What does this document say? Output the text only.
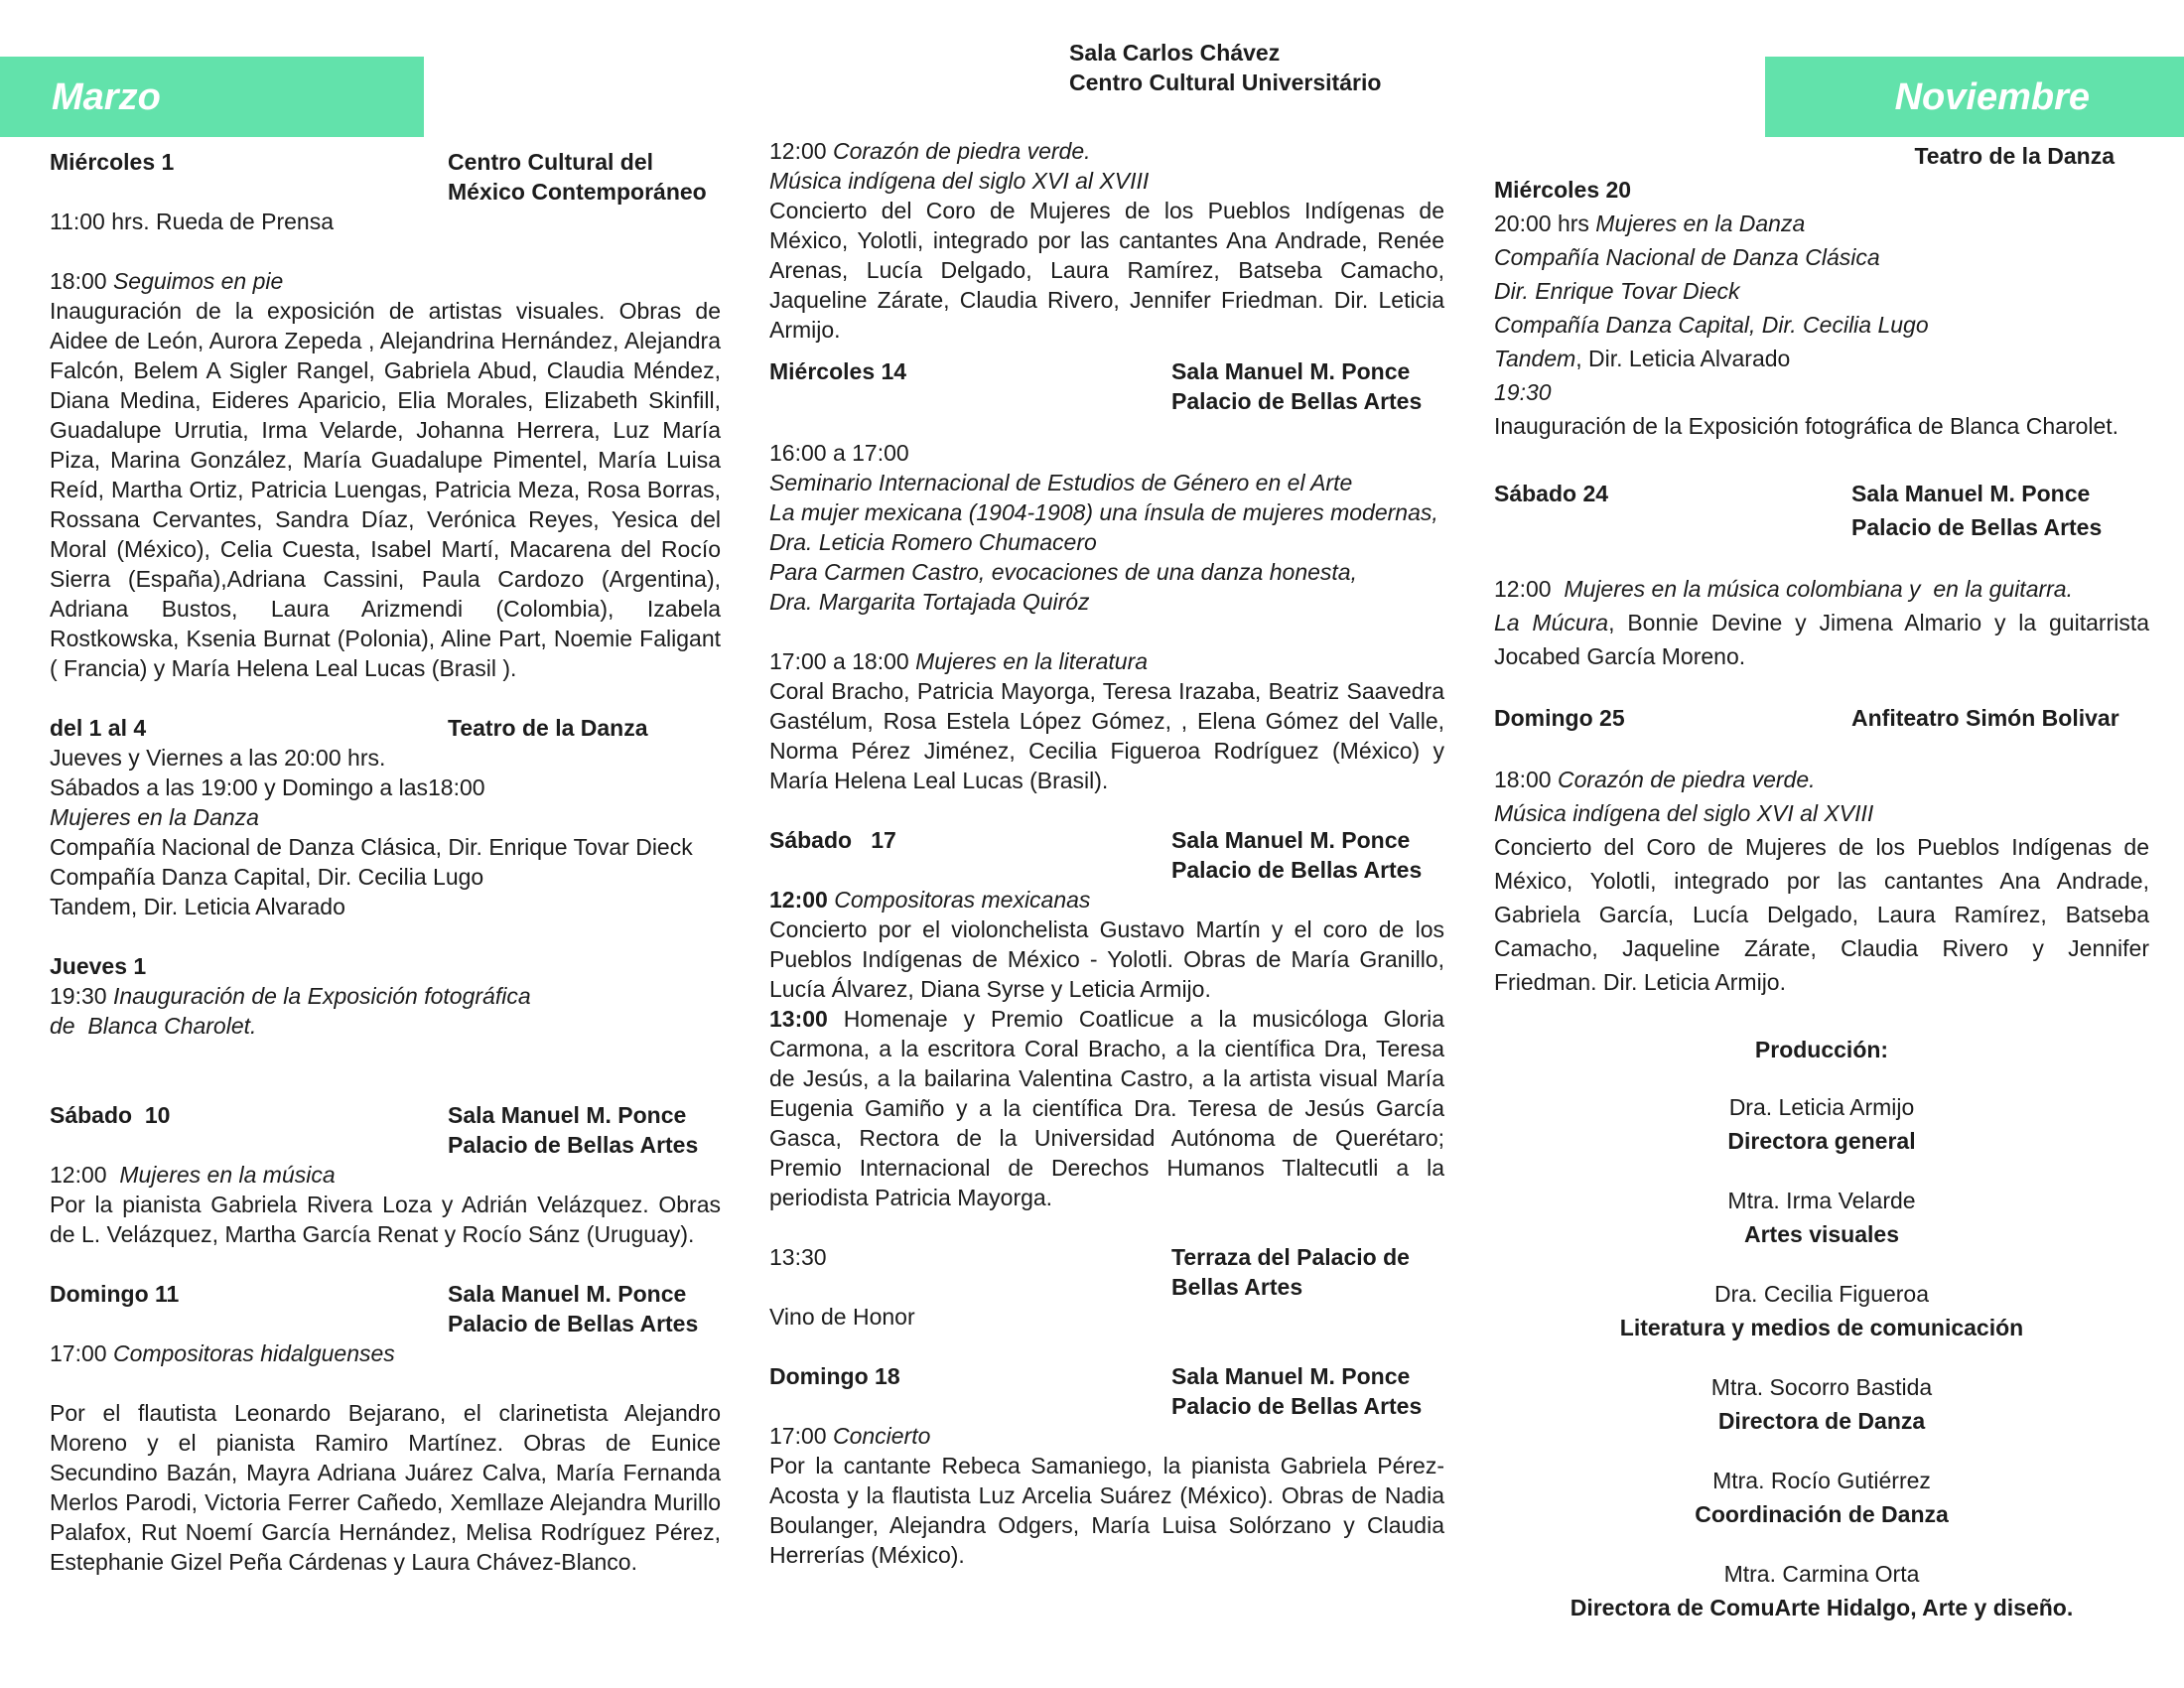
Marzo	Noviembre
Sala Carlos Chávez
Centro Cultural Universitário
Miércoles 1	Centro Cultural del
México Contemporáneo
11:00 hrs. Rueda de Prensa
18:00 Seguimos en pie
Inauguración de la exposición de artistas visuales. Obras de Aidee de León, Aurora Zepeda , Alejandrina Hernández, Alejandra Falcón, Belem A Sigler Rangel, Gabriela Abud, Claudia Méndez, Diana Medina, Eideres Aparicio, Elia Morales, Elizabeth Skinfill, Guadalupe Urrutia, Irma Velarde, Johanna Herrera, Luz María Piza, Marina González, María Guadalupe Pimentel, María Luisa Reíd, Martha Ortiz, Patricia Luengas, Patricia Meza, Rosa Borras, Rossana Cervantes, Sandra Díaz, Verónica Reyes, Yesica del Moral (México), Celia Cuesta, Isabel Martí, Macarena del Rocío Sierra (España),Adriana Cassini, Paula Cardozo (Argentina), Adriana Bustos, Laura Arizmendi (Colombia), Izabela Rostkowska, Ksenia Burnat (Polonia), Aline Part, Noemie Faligant ( Francia) y María Helena Leal Lucas (Brasil ).
del 1 al 4	Teatro de la Danza
Jueves y Viernes a las 20:00 hrs.
Sábados a las 19:00 y Domingo a las18:00
Mujeres en la Danza
Compañía Nacional de Danza Clásica, Dir. Enrique Tovar Dieck
Compañía Danza Capital, Dir. Cecilia Lugo
Tandem, Dir. Leticia Alvarado
Jueves 1
19:30 Inauguración de la Exposición fotográfica
de  Blanca Charolet.
Sábado  10	Sala Manuel M. Ponce
Palacio de Bellas Artes
12:00  Mujeres en la música
Por la pianista Gabriela Rivera Loza y Adrián Velázquez. Obras de L. Velázquez, Martha García Renat y Rocío Sánz (Uruguay).
Domingo 11	Sala Manuel M. Ponce
Palacio de Bellas Artes
17:00 Compositoras hidalguenses
Por el flautista Leonardo Bejarano, el clarinetista Alejandro Moreno y el pianista Ramiro Martínez. Obras de Eunice Secundino Bazán, Mayra Adriana Juárez Calva, María Fernanda Merlos Parodi, Victoria Ferrer Cañedo, Xemllaze Alejandra Murillo Palafox, Rut Noemí García Hernández, Melisa Rodríguez Pérez, Estephanie Gizel Peña Cárdenas y Laura Chávez-Blanco.
12:00 Corazón de piedra verde.
Música indígena del siglo XVI al XVIII
Concierto del Coro de Mujeres de los Pueblos Indígenas de México, Yolotli, integrado por las cantantes Ana Andrade, Renée Arenas, Lucía Delgado, Laura Ramírez, Batseba Camacho, Jaqueline Zárate, Claudia Rivero, Jennifer Friedman. Dir. Leticia Armijo.
Miércoles 14	Sala Manuel M. Ponce
Palacio de Bellas Artes
16:00 a 17:00
Seminario Internacional de Estudios de Género en el Arte
La mujer mexicana (1904-1908) una ínsula de mujeres modernas,
Dra. Leticia Romero Chumacero
Para Carmen Castro, evocaciones de una danza honesta,
Dra. Margarita Tortajada Quiróz
17:00 a 18:00 Mujeres en la literatura
Coral Bracho, Patricia Mayorga, Teresa Irazaba, Beatriz Saavedra Gastélum, Rosa Estela López Gómez, , Elena Gómez del Valle, Norma Pérez Jiménez, Cecilia Figueroa Rodríguez (México) y María Helena Leal Lucas (Brasil).
Sábado   17	Sala Manuel M. Ponce
Palacio de Bellas Artes
12:00 Compositoras mexicanas
Concierto por el violonchelista Gustavo Martín y el coro de los Pueblos Indígenas de México - Yolotli. Obras de María Granillo, Lucía Álvarez, Diana Syrse y Leticia Armijo.
13:00 Homenaje y Premio Coatlicue a la musicóloga Gloria Carmona, a la escritora Coral Bracho, a la científica Dra, Teresa de Jesús, a la bailarina Valentina Castro, a la artista visual María Eugenia Gamiño y a la científica Dra. Teresa de Jesús García Gasca, Rectora de la Universidad Autónoma de Querétaro; Premio Internacional de Derechos Humanos Tlaltecutli a la periodista Patricia Mayorga.
13:30	Terraza del Palacio de Bellas Artes
Vino de Honor
Domingo 18	Sala Manuel M. Ponce
Palacio de Bellas Artes
17:00 Concierto
Por la cantante Rebeca Samaniego, la pianista Gabriela Pérez-Acosta y la flautista Luz Arcelia Suárez (México). Obras de Nadia Boulanger, Alejandra Odgers, María Luisa Solórzano y Claudia Herrerías (México).
Teatro de la Danza
Miércoles 20
20:00 hrs Mujeres en la Danza
Compañía Nacional de Danza Clásica
Dir. Enrique Tovar Dieck
Compañía Danza Capital, Dir. Cecilia Lugo
Tandem, Dir. Leticia Alvarado
19:30
Inauguración de la Exposición fotográfica de Blanca Charolet.
Sábado 24	Sala Manuel M. Ponce
Palacio de Bellas Artes
12:00  Mujeres en la música colombiana y  en la guitarra.
La Múcura, Bonnie Devine y Jimena Almario y la guitarrista Jocabed García Moreno.
Domingo 25	Anfiteatro Simón Bolivar
18:00 Corazón de piedra verde.
Música indígena del siglo XVI al XVIII
Concierto del Coro de Mujeres de los Pueblos Indígenas de México, Yolotli, integrado por las cantantes Ana Andrade, Gabriela García, Lucía Delgado, Laura Ramírez, Batseba Camacho, Jaqueline Zárate, Claudia Rivero y Jennifer Friedman. Dir. Leticia Armijo.
Producción:
Dra. Leticia Armijo
Directora general
Mtra. Irma Velarde
Artes visuales
Dra. Cecilia Figueroa
Literatura y medios de comunicación
Mtra. Socorro Bastida
Directora de Danza
Mtra. Rocío Gutiérrez
Coordinación de Danza
Mtra. Carmina Orta
Directora de ComuArte Hidalgo, Arte y diseño.
